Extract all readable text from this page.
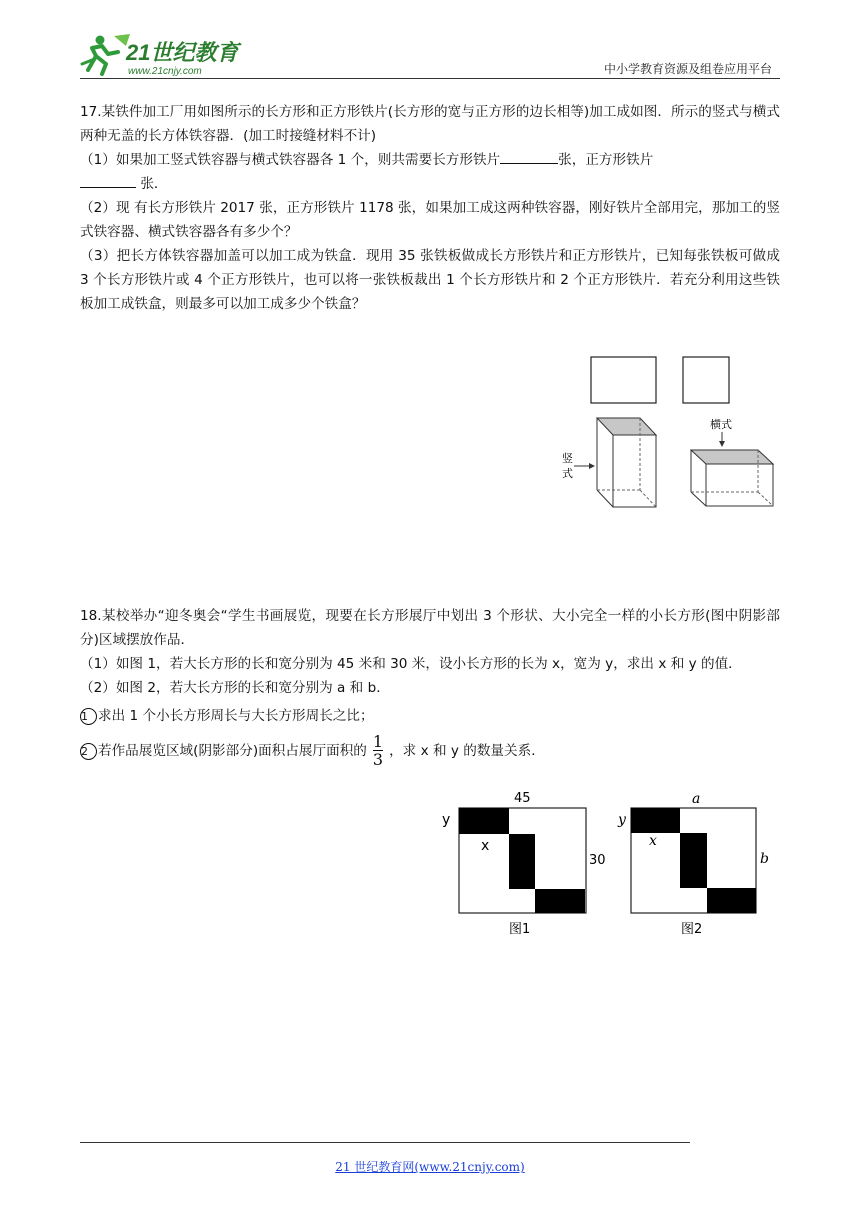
21世纪教育
www.21cnjy.com	中小学教育资源及组卷应用平台
17.某铁件加工厂用如图所示的长方形和正方形铁片(长方形的宽与正方形的边长相等)加工成如图．所示的竖式与横式两种无盖的长方体铁容器．(加工时接缝材料不计)
（1）如果加工竖式铁容器与横式铁容器各 1 个，则共需要长方形铁片	张，正方形铁片
张．
（2）现 有长方形铁片 2017 张，正方形铁片 1178 张，如果加工成这两种铁容器，刚好铁片全部用完，那加工的竖式铁容器、横式铁容器各有多少个？
（3）把长方体铁容器加盖可以加工成为铁盒．现用 35 张铁板做成长方形铁片和正方形铁片，已知每张铁板可做成 3 个长方形铁片或 4 个正方形铁片，也可以将一张铁板裁出 1 个长方形铁片和 2 个正方形铁片．若充分利用这些铁板加工成铁盒，则最多可以加工成多少个铁盒？
竖
式
横式
18.某校举办“迎冬奥会“学生书画展览，现要在长方形展厅中划出 3 个形状、大小完全一样的小长方形(图中阴影部分)区域摆放作品．
（1）如图 1，若大长方形的长和宽分别为 45 米和 30 米，设小长方形的长为 x，宽为 y，求出 x 和 y 的值．
（2）如图 2，若大长方形的长和宽分别为 a 和 b．
1 求出 1 个小长方形周长与大长方形周长之比；
2 若作品展览区域(阴影部分)面积占展厅面积的 $\frac{1}{3}$ ，求 x 和 y 的数量关系．
45
30
y
x
图1
a
b
y
x
图2
21 世纪教育网(www.21cnjy.com)
